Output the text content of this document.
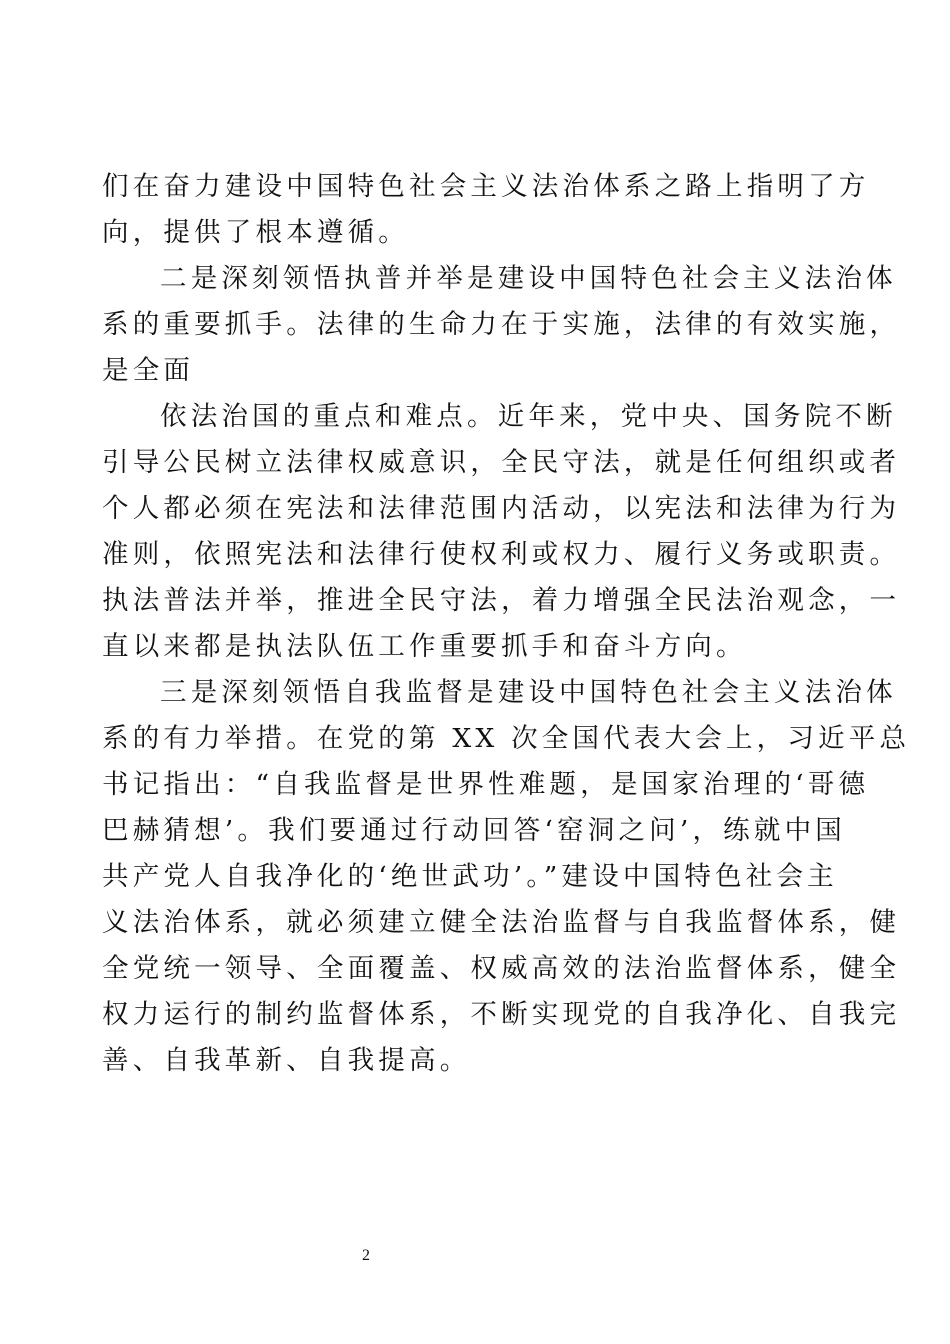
们在奋力建设中国特色社会主义法治体系之路上指明了方
向，提供了根本遵循。
二是深刻领悟执普并举是建设中国特色社会主义法治体
系的重要抓手。法律的生命力在于实施，法律的有效实施，
是全面
依法治国的重点和难点。近年来，党中央、国务院不断
引导公民树立法律权威意识，全民守法，就是任何组织或者
个人都必须在宪法和法律范围内活动，以宪法和法律为行为
准则，依照宪法和法律行使权利或权力、履行义务或职责。
执法普法并举，推进全民守法，着力增强全民法治观念，一
直以来都是执法队伍工作重要抓手和奋斗方向。
三是深刻领悟自我监督是建设中国特色社会主义法治体
系的有力举措。在党的第 XX 次全国代表大会上，习近平总
书记指出：“自我监督是世界性难题，是国家治理的‘哥德
巴赫猜想’。我们要通过行动回答‘窑洞之问’，练就中国
共产党人自我净化的‘绝世武功’。”建设中国特色社会主
义法治体系，就必须建立健全法治监督与自我监督体系，健
全党统一领导、全面覆盖、权威高效的法治监督体系，健全
权力运行的制约监督体系，不断实现党的自我净化、自我完
善、自我革新、自我提高。
2
